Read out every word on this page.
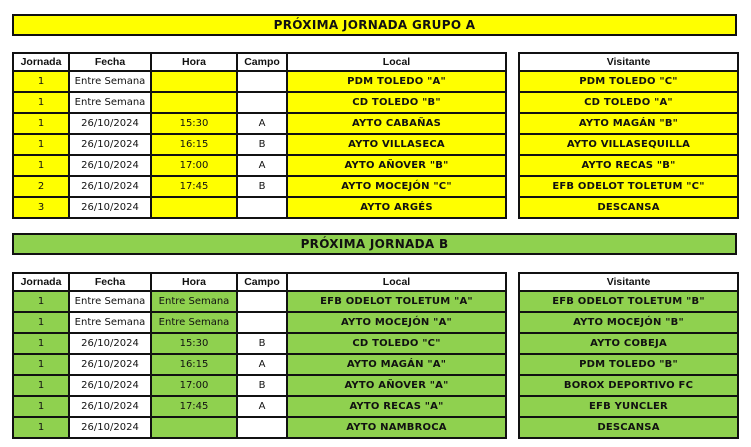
PRÓXIMA JORNADA GRUPO A
Jornada	Fecha	Hora	Campo	Local		Visitante
1	Entre Semana			PDM TOLEDO "A"		PDM TOLEDO "C"
1	Entre Semana			CD TOLEDO "B"		CD TOLEDO "A"
1	26/10/2024	15:30	A	AYTO CABAÑAS		AYTO MAGÁN "B"
1	26/10/2024	16:15	B	AYTO VILLASECA		AYTO VILLASEQUILLA
1	26/10/2024	17:00	A	AYTO AÑOVER "B"		AYTO RECAS "B"
2	26/10/2024	17:45	B	AYTO MOCEJÓN "C"		EFB ODELOT TOLETUM "C"
3	26/10/2024			AYTO ARGÉS		DESCANSA
PRÓXIMA JORNADA B
Jornada	Fecha	Hora	Campo	Local		Visitante
1	Entre Semana	Entre Semana		EFB ODELOT TOLETUM "A"		EFB ODELOT TOLETUM "B"
1	Entre Semana	Entre Semana		AYTO MOCEJÓN "A"		AYTO MOCEJÓN "B"
1	26/10/2024	15:30	B	CD TOLEDO "C"		AYTO COBEJA
1	26/10/2024	16:15	A	AYTO MAGÁN "A"		PDM TOLEDO "B"
1	26/10/2024	17:00	B	AYTO AÑOVER "A"		BOROX DEPORTIVO FC
1	26/10/2024	17:45	A	AYTO RECAS "A"		EFB YUNCLER
1	26/10/2024			AYTO NAMBROCA		DESCANSA
